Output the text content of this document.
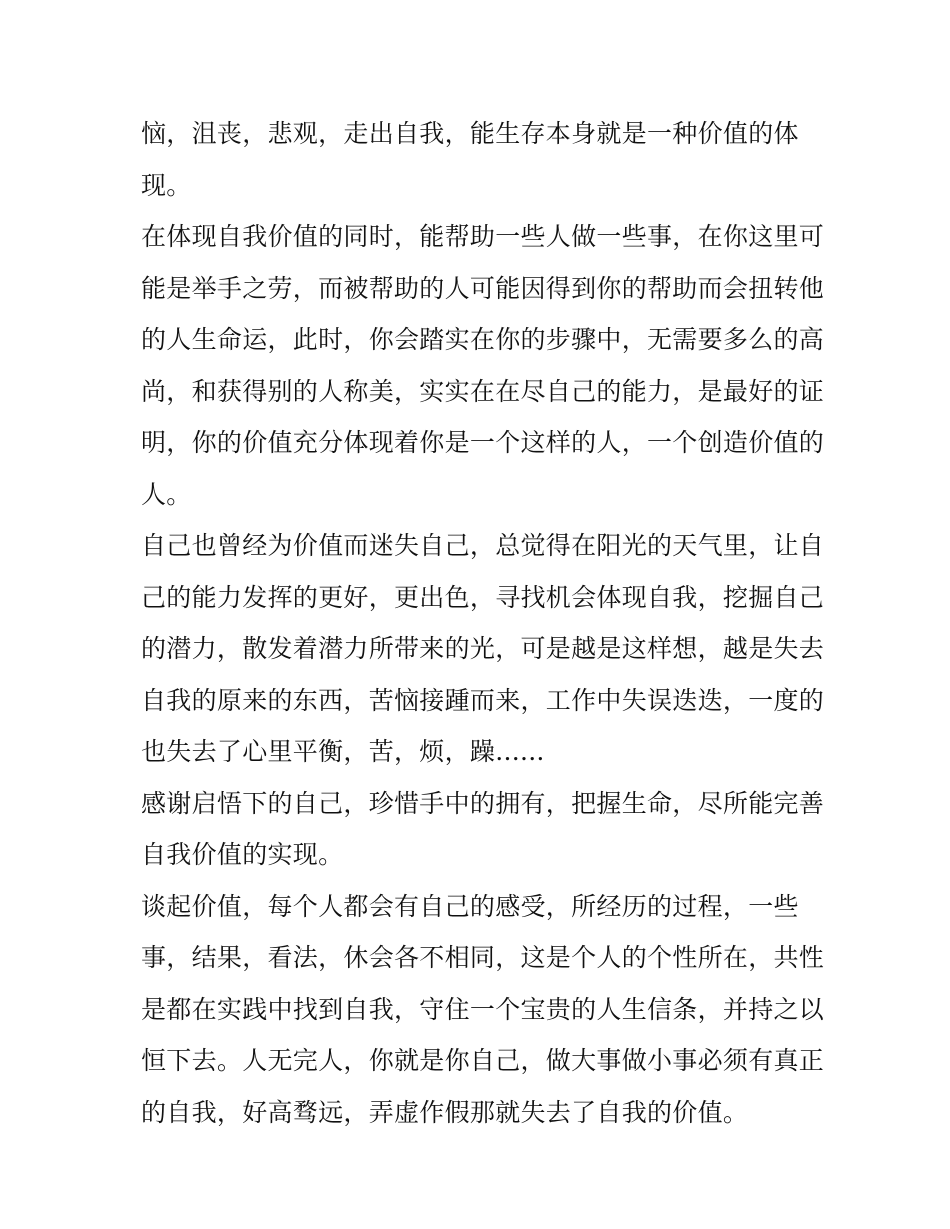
恼，沮丧，悲观，走出自我，能生存本身就是一种价值的体
现。
在体现自我价值的同时，能帮助一些人做一些事，在你这里可
能是举手之劳，而被帮助的人可能因得到你的帮助而会扭转他
的人生命运，此时，你会踏实在你的步骤中，无需要多么的高
尚，和获得别的人称美，实实在在尽自己的能力，是最好的证
明，你的价值充分体现着你是一个这样的人，一个创造价值的
人。
自己也曾经为价值而迷失自己，总觉得在阳光的天气里，让自
己的能力发挥的更好，更出色，寻找机会体现自我，挖掘自己
的潜力，散发着潜力所带来的光，可是越是这样想，越是失去
自我的原来的东西，苦恼接踵而来，工作中失误迭迭，一度的
也失去了心里平衡，苦，烦，躁......
感谢启悟下的自己，珍惜手中的拥有，把握生命，尽所能完善
自我价值的实现。
谈起价值，每个人都会有自己的感受，所经历的过程，一些
事，结果，看法，休会各不相同，这是个人的个性所在，共性
是都在实践中找到自我，守住一个宝贵的人生信条，并持之以
恒下去。人无完人，你就是你自己，做大事做小事必须有真正
的自我，好高骛远，弄虚作假那就失去了自我的价值。
